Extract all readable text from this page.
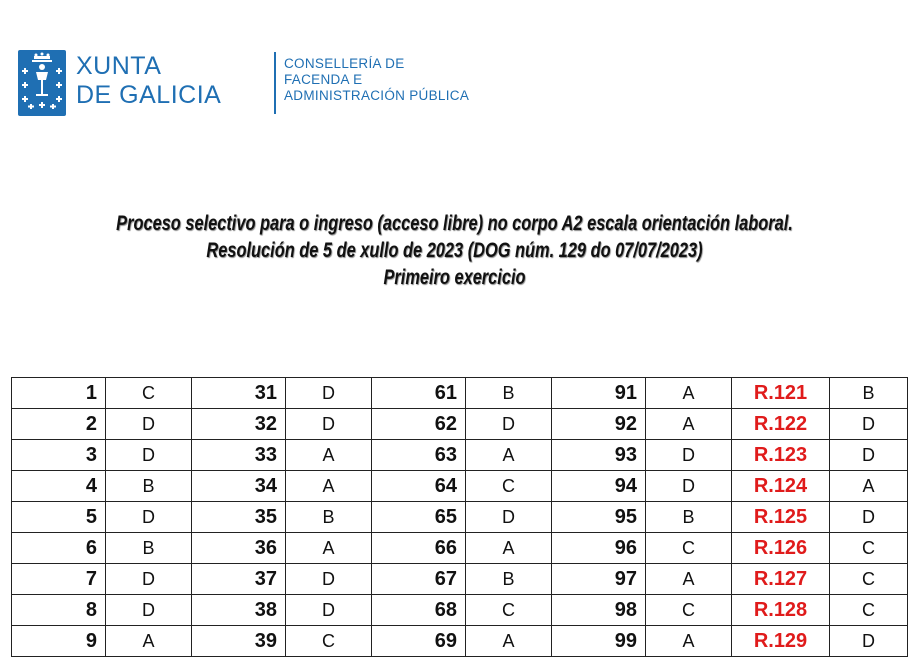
XUNTA
DE GALICIA
CONSELLERÍA DE
FACENDA E
ADMINISTRACIÓN PÚBLICA
Proceso selectivo para o ingreso (acceso libre) no corpo A2 escala orientación laboral.
Resolución de 5 de xullo de 2023 (DOG núm. 129 do 07/07/2023)
Primeiro exercicio
1	C	31	D	61	B	91	A	R.121	B
2	D	32	D	62	D	92	A	R.122	D
3	D	33	A	63	A	93	D	R.123	D
4	B	34	A	64	C	94	D	R.124	A
5	D	35	B	65	D	95	B	R.125	D
6	B	36	A	66	A	96	C	R.126	C
7	D	37	D	67	B	97	A	R.127	C
8	D	38	D	68	C	98	C	R.128	C
9	A	39	C	69	A	99	A	R.129	D
